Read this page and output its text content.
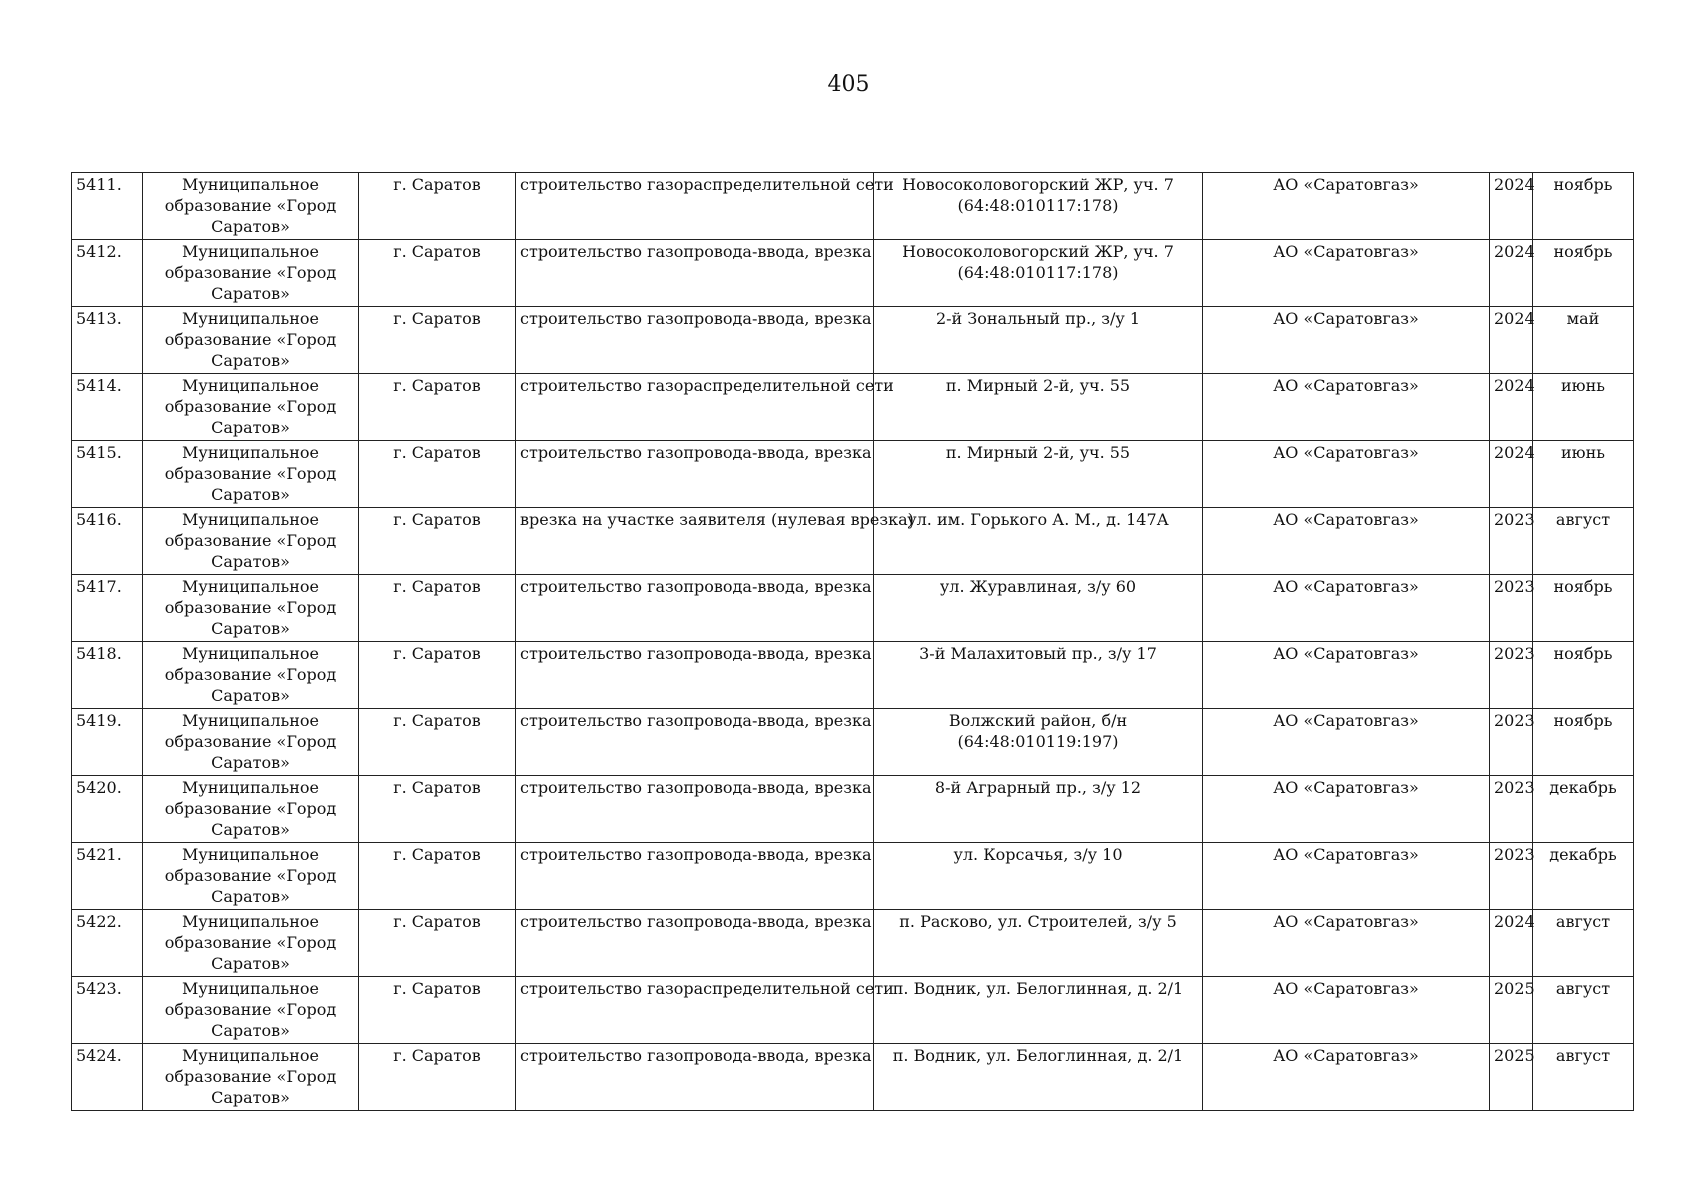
405
5411.	Муниципальное образование «Город Саратов»	г. Саратов	строительство газораспределительной сети	Новосоколовогорский ЖР, уч. 7 (64:48:010117:178)	АО «Саратовгаз»	2024	ноябрь
5412.	Муниципальное образование «Город Саратов»	г. Саратов	строительство газопровода-ввода, врезка	Новосоколовогорский ЖР, уч. 7 (64:48:010117:178)	АО «Саратовгаз»	2024	ноябрь
5413.	Муниципальное образование «Город Саратов»	г. Саратов	строительство газопровода-ввода, врезка	2-й Зональный пр., з/у 1	АО «Саратовгаз»	2024	май
5414.	Муниципальное образование «Город Саратов»	г. Саратов	строительство газораспределительной сети	п. Мирный 2-й, уч. 55	АО «Саратовгаз»	2024	июнь
5415.	Муниципальное образование «Город Саратов»	г. Саратов	строительство газопровода-ввода, врезка	п. Мирный 2-й, уч. 55	АО «Саратовгаз»	2024	июнь
5416.	Муниципальное образование «Город Саратов»	г. Саратов	врезка на участке заявителя (нулевая врезка)	ул. им. Горького А. М., д. 147А	АО «Саратовгаз»	2023	август
5417.	Муниципальное образование «Город Саратов»	г. Саратов	строительство газопровода-ввода, врезка	ул. Журавлиная, з/у 60	АО «Саратовгаз»	2023	ноябрь
5418.	Муниципальное образование «Город Саратов»	г. Саратов	строительство газопровода-ввода, врезка	3-й Малахитовый пр., з/у 17	АО «Саратовгаз»	2023	ноябрь
5419.	Муниципальное образование «Город Саратов»	г. Саратов	строительство газопровода-ввода, врезка	Волжский район, б/н (64:48:010119:197)	АО «Саратовгаз»	2023	ноябрь
5420.	Муниципальное образование «Город Саратов»	г. Саратов	строительство газопровода-ввода, врезка	8-й Аграрный пр., з/у 12	АО «Саратовгаз»	2023	декабрь
5421.	Муниципальное образование «Город Саратов»	г. Саратов	строительство газопровода-ввода, врезка	ул. Корсачья, з/у 10	АО «Саратовгаз»	2023	декабрь
5422.	Муниципальное образование «Город Саратов»	г. Саратов	строительство газопровода-ввода, врезка	п. Расково, ул. Строителей, з/у 5	АО «Саратовгаз»	2024	август
5423.	Муниципальное образование «Город Саратов»	г. Саратов	строительство газораспределительной сети	п. Водник, ул. Белоглинная, д. 2/1	АО «Саратовгаз»	2025	август
5424.	Муниципальное образование «Город Саратов»	г. Саратов	строительство газопровода-ввода, врезка	п. Водник, ул. Белоглинная, д. 2/1	АО «Саратовгаз»	2025	август
